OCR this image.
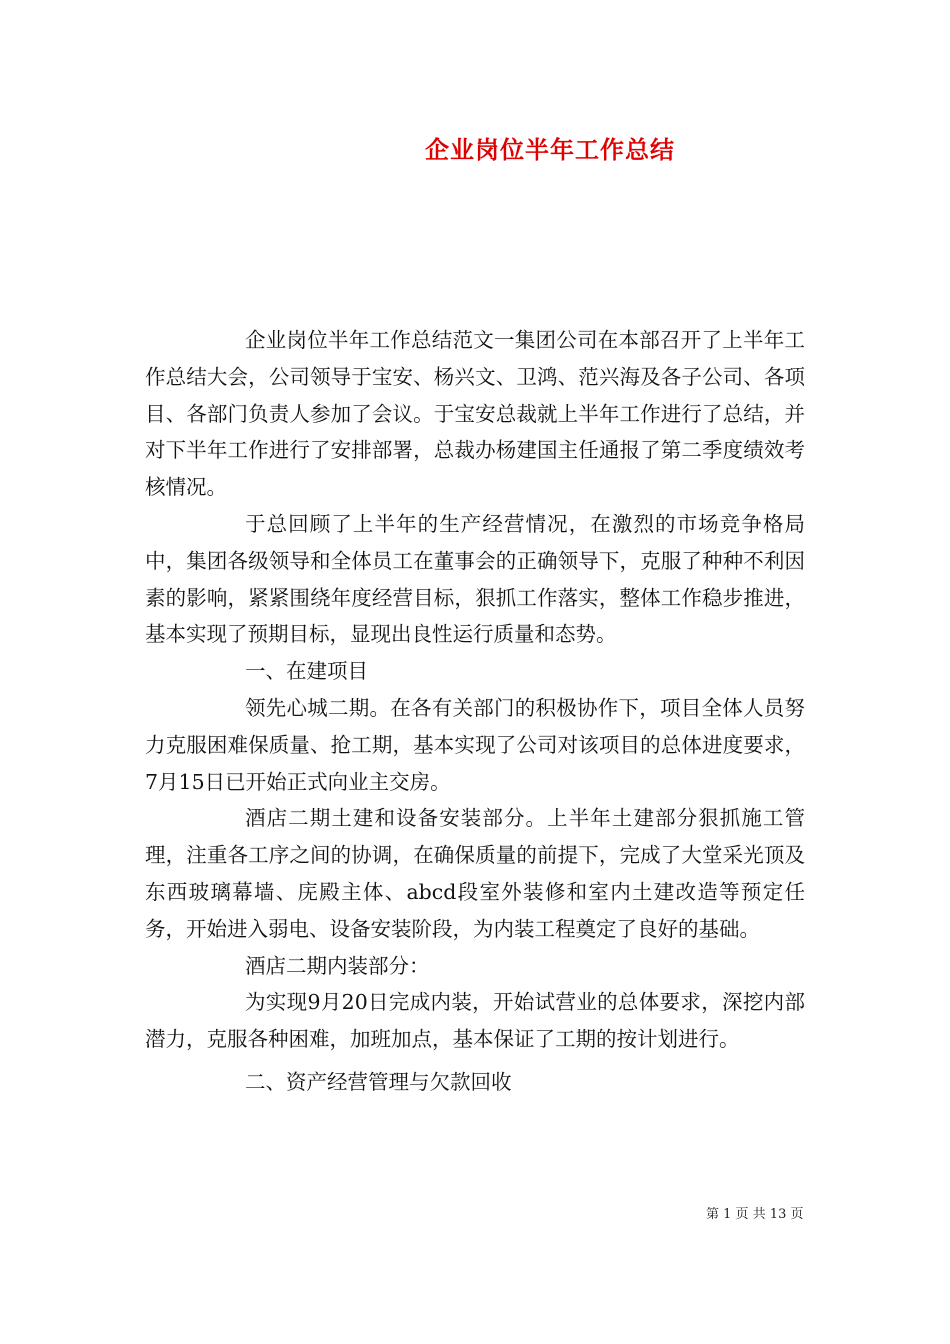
企业岗位半年工作总结

企业岗位半年工作总结范文一集团公司在本部召开了上半年工作总结大会，公司领导于宝安、杨兴文、卫鸿、范兴海及各子公司、各项目、各部门负责人参加了会议。于宝安总裁就上半年工作进行了总结，并对下半年工作进行了安排部署，总裁办杨建国主任通报了第二季度绩效考核情况。

于总回顾了上半年的生产经营情况，在激烈的市场竞争格局中，集团各级领导和全体员工在董事会的正确领导下，克服了种种不利因素的影响，紧紧围绕年度经营目标，狠抓工作落实，整体工作稳步推进，基本实现了预期目标，显现出良性运行质量和态势。

一、在建项目

领先心城二期。在各有关部门的积极协作下，项目全体人员努力克服困难保质量、抢工期，基本实现了公司对该项目的总体进度要求，7月15日已开始正式向业主交房。

酒店二期土建和设备安装部分。上半年土建部分狠抓施工管理，注重各工序之间的协调，在确保质量的前提下，完成了大堂采光顶及东西玻璃幕墙、庑殿主体、abcd段室外装修和室内土建改造等预定任务，开始进入弱电、设备安装阶段，为内装工程奠定了良好的基础。

酒店二期内装部分：

为实现9月20日完成内装，开始试营业的总体要求，深挖内部潜力，克服各种困难，加班加点，基本保证了工期的按计划进行。

二、资产经营管理与欠款回收

第 1 页 共 13 页
